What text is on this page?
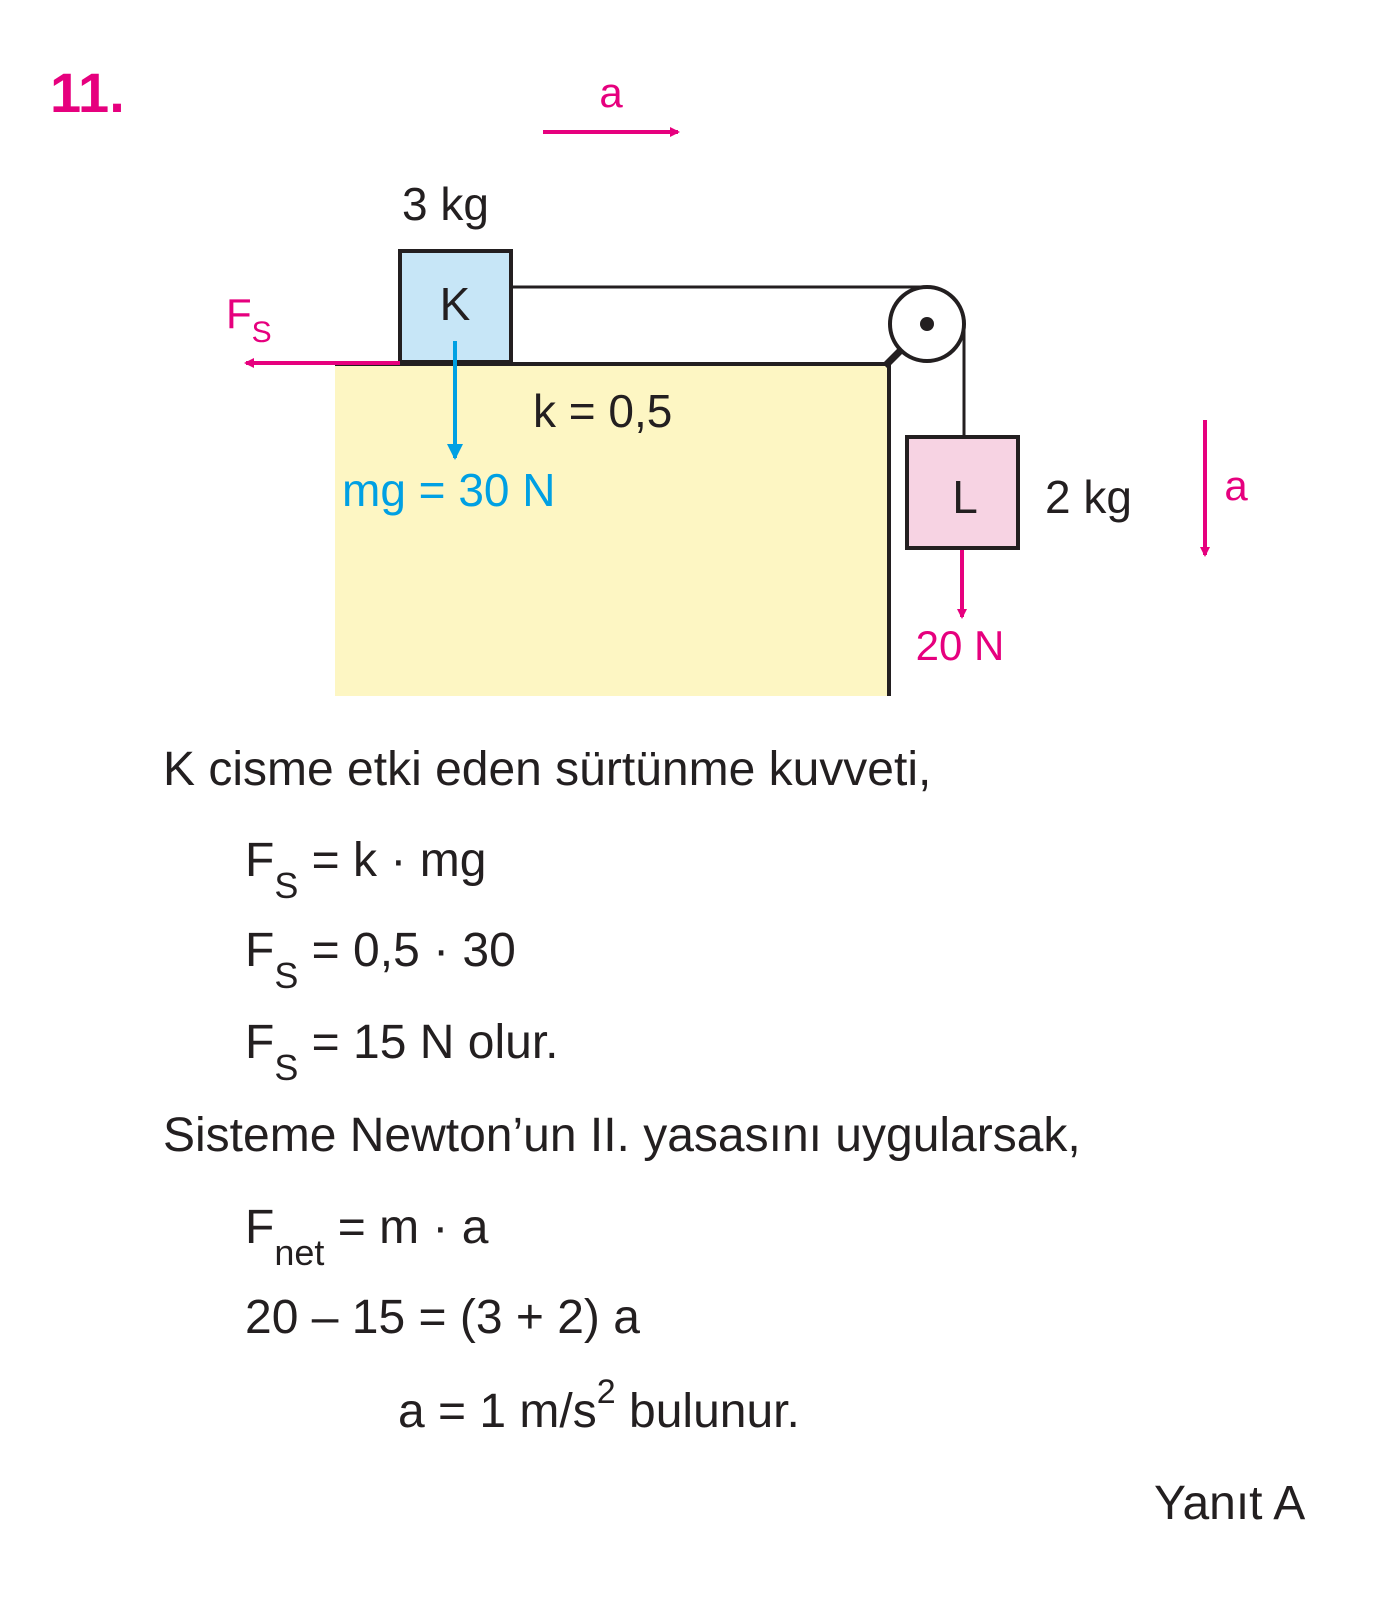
11.
K
L
3 kg
2 kg
a
a
$F_S$
mg = 30 N
k = 0,5
20 N
K cisme etki eden sürtünme kuvveti,
$F_S = k$ · mg
$F_S = 0,5 \cdot 30$
$F_S = 15$ N olur.
Sisteme Newton’un II. yasasını uygularsak,
$F_{net} = m \cdot a$
20 – 15 = (3 + 2) a
a = 1 $m/s^2$ bulunur.
Yanıt A
